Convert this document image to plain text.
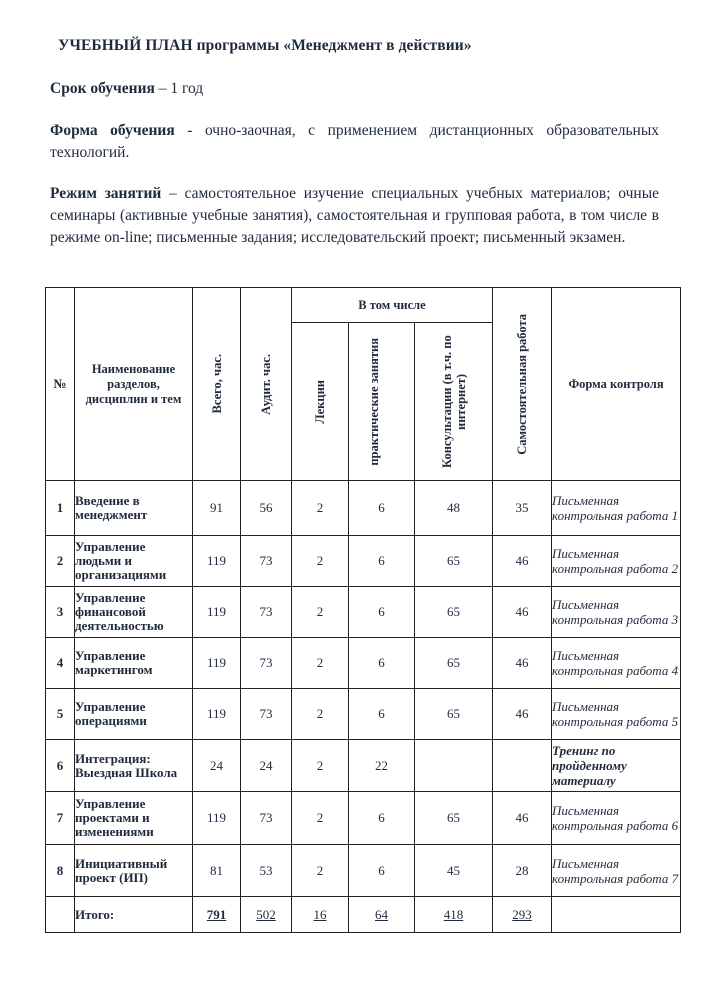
УЧЕБНЫЙ ПЛАН программы «Менеджмент в действии»
Срок обучения – 1 год
Форма обучения - очно-заочная, с применением дистанционных образовательных технологий.
Режим занятий – самостоятельное изучение специальных учебных материалов; очные семинары (активные учебные занятия), самостоятельная и групповая работа, в том числе в режиме on-line; письменные задания; исследовательский проект; письменный экзамен.
№	Наименование разделов, дисциплин и тем	Всего, час.	Аудит. час.	В том числе			Самостоятельная работа	Форма контроля

				Лекции	практические занятия	Консультации (в т.ч. по интернет)		

1	Введение в менеджмент	91	56	2	6	48	35	Письменная контрольная работа 1
2	Управление людьми и организациями	119	73	2	6	65	46	Письменная контрольная работа 2
3	Управление финансовой деятельностью	119	73	2	6	65	46	Письменная контрольная работа 3
4	Управление маркетингом	119	73	2	6	65	46	Письменная контрольная работа 4
5	Управление операциями	119	73	2	6	65	46	Письменная контрольная работа 5
6	Интеграция: Выездная Школа	24	24	2	22			Тренинг по пройденному материалу
7	Управление проектами и изменениями	119	73	2	6	65	46	Письменная контрольная работа 6
8	Инициативный проект (ИП)	81	53	2	6	45	28	Письменная контрольная работа 7
	Итого:	791	502	16	64	418	293	
